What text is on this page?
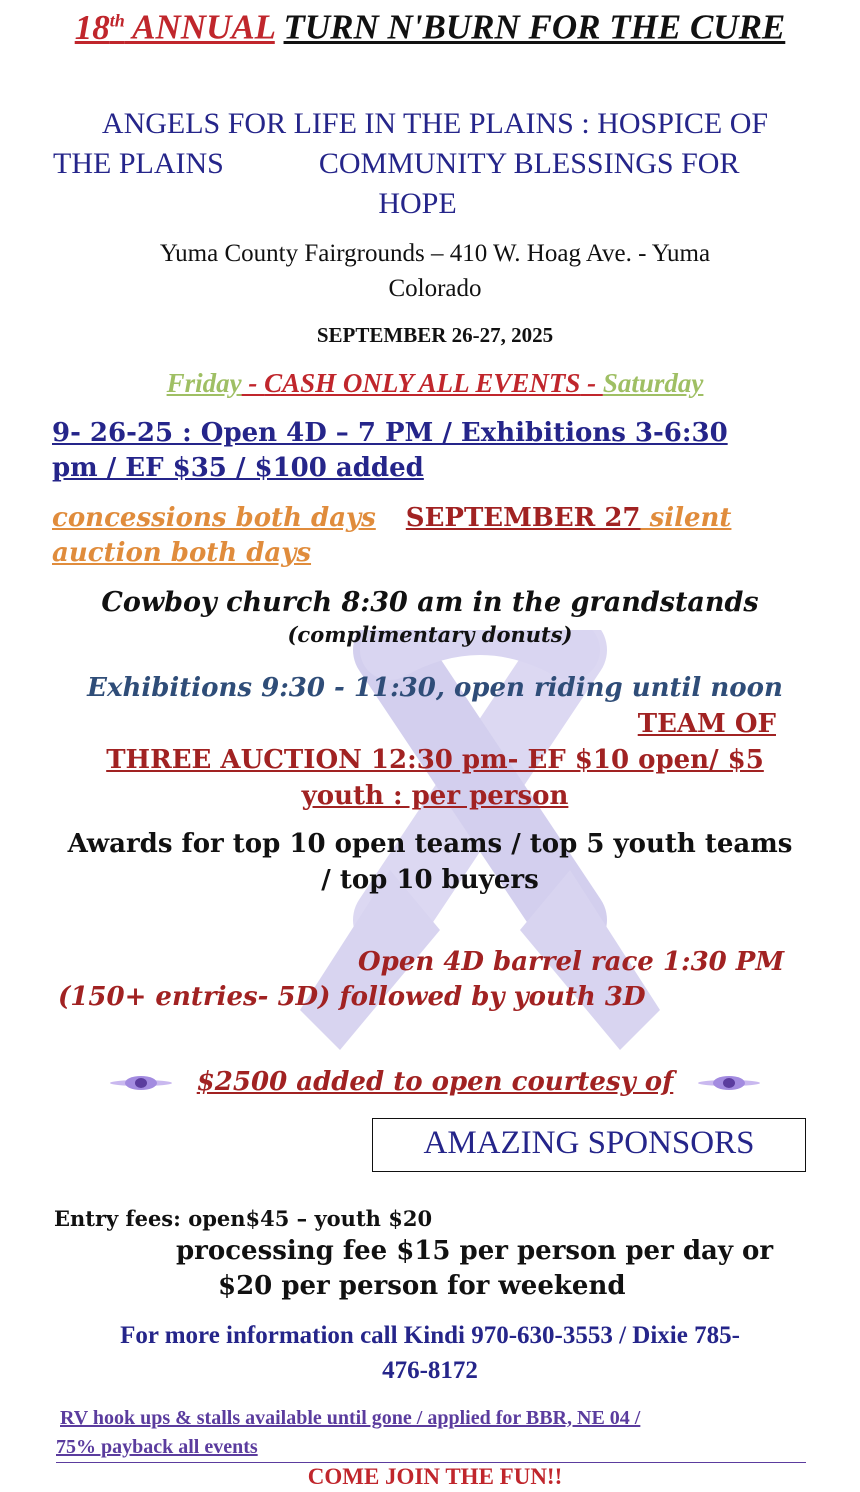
18th ANNUAL TURN N'BURN FOR THE CURE
ANGELS FOR LIFE IN THE PLAINS : HOSPICE OF
THE PLAINS	COMMUNITY BLESSINGS FOR
HOPE
Yuma County Fairgrounds – 410 W. Hoag Ave. - Yuma
Colorado
SEPTEMBER 26-27, 2025
Friday - CASH ONLY ALL EVENTS - Saturday
9- 26-25 : Open 4D – 7 PM / Exhibitions 3-6:30
pm / EF $35 / $100 added
concessions both days SEPTEMBER 27 silent
auction both days
Cowboy church 8:30 am in the grandstands
(complimentary donuts)
Exhibitions 9:30 - 11:30, open riding until noon
TEAM OF
THREE AUCTION 12:30 pm- EF $10 open/ $5
youth : per person
Awards for top 10 open teams / top 5 youth teams
/ top 10 buyers
Open 4D barrel race 1:30 PM
(150+ entries- 5D) followed by youth 3D
$2500 added to open courtesy of
AMAZING SPONSORS
Entry fees: open$45 – youth $20
processing fee $15 per person per day or
$20 per person for weekend
For more information call Kindi 970-630-3553 / Dixie 785-
476-8172
RV hook ups & stalls available until gone / applied for BBR, NE 04 /
75% payback all events
COME JOIN THE FUN!!
